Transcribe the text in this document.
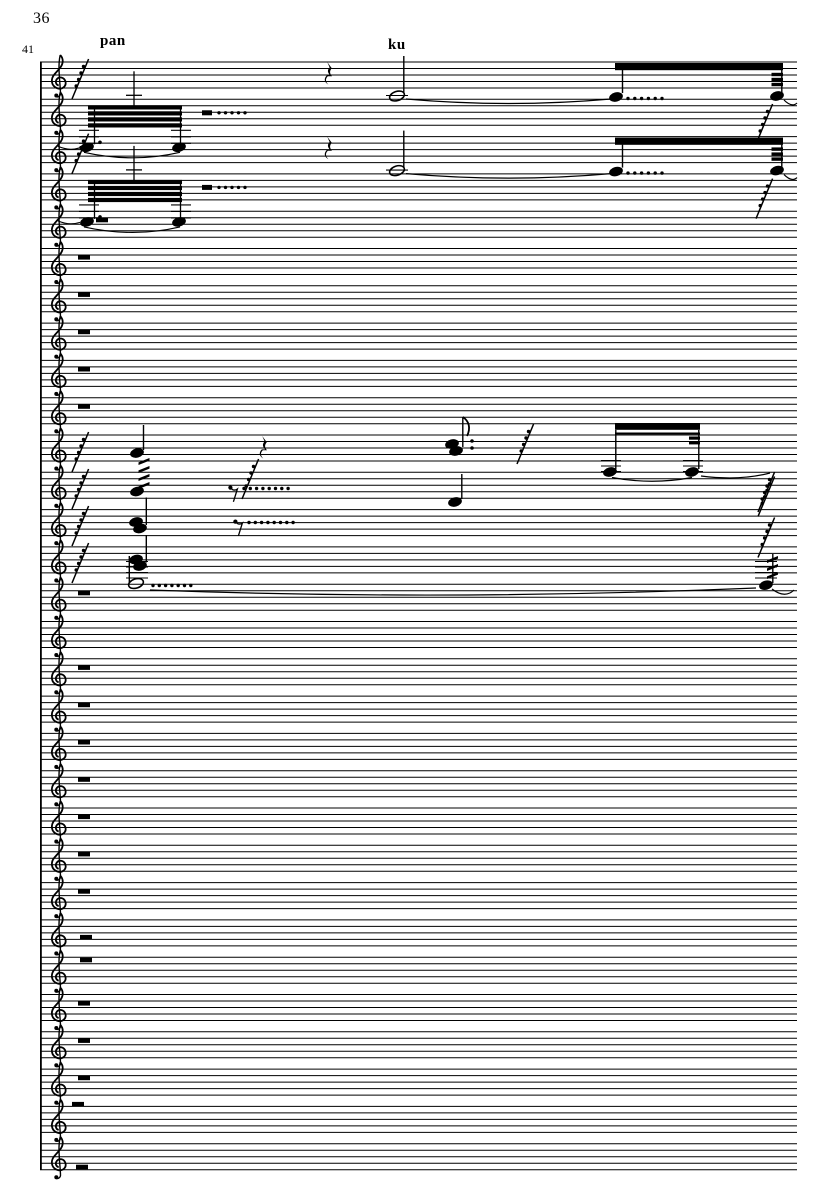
36
41	pan	ku
